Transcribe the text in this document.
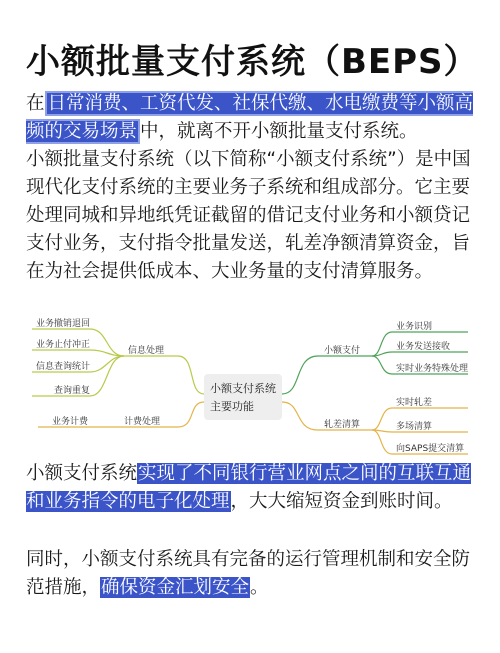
小额批量支付系统（BEPS）
在 日常消费、工资代发、社保代缴、水电缴费等小额高频的交易场景 中，就离不开小额批量支付系统。
小额批量支付系统（以下简称“小额支付系统”）是中国现代化支付系统的主要业务子系统和组成部分。它主要处理同城和异地纸凭证截留的借记支付业务和小额贷记支付业务，支付指令批量发送，轧差净额清算资金，旨在为社会提供低成本、大业务量的支付清算服务。
小额支付系统
主要功能
业务撤销退回
业务止付冲正
信息查询统计
查询重复
信息处理
业务计费	计费处理
小额支付
业务识别
业务发送接收
实时业务特殊处理
轧差清算
实时轧差
多场清算
向SAPS提交清算
小额支付系统实现了不同银行营业网点之间的互联互通和业务指令的电子化处理，大大缩短资金到账时间。
同时，小额支付系统具有完备的运行管理机制和安全防范措施，确保资金汇划安全。
